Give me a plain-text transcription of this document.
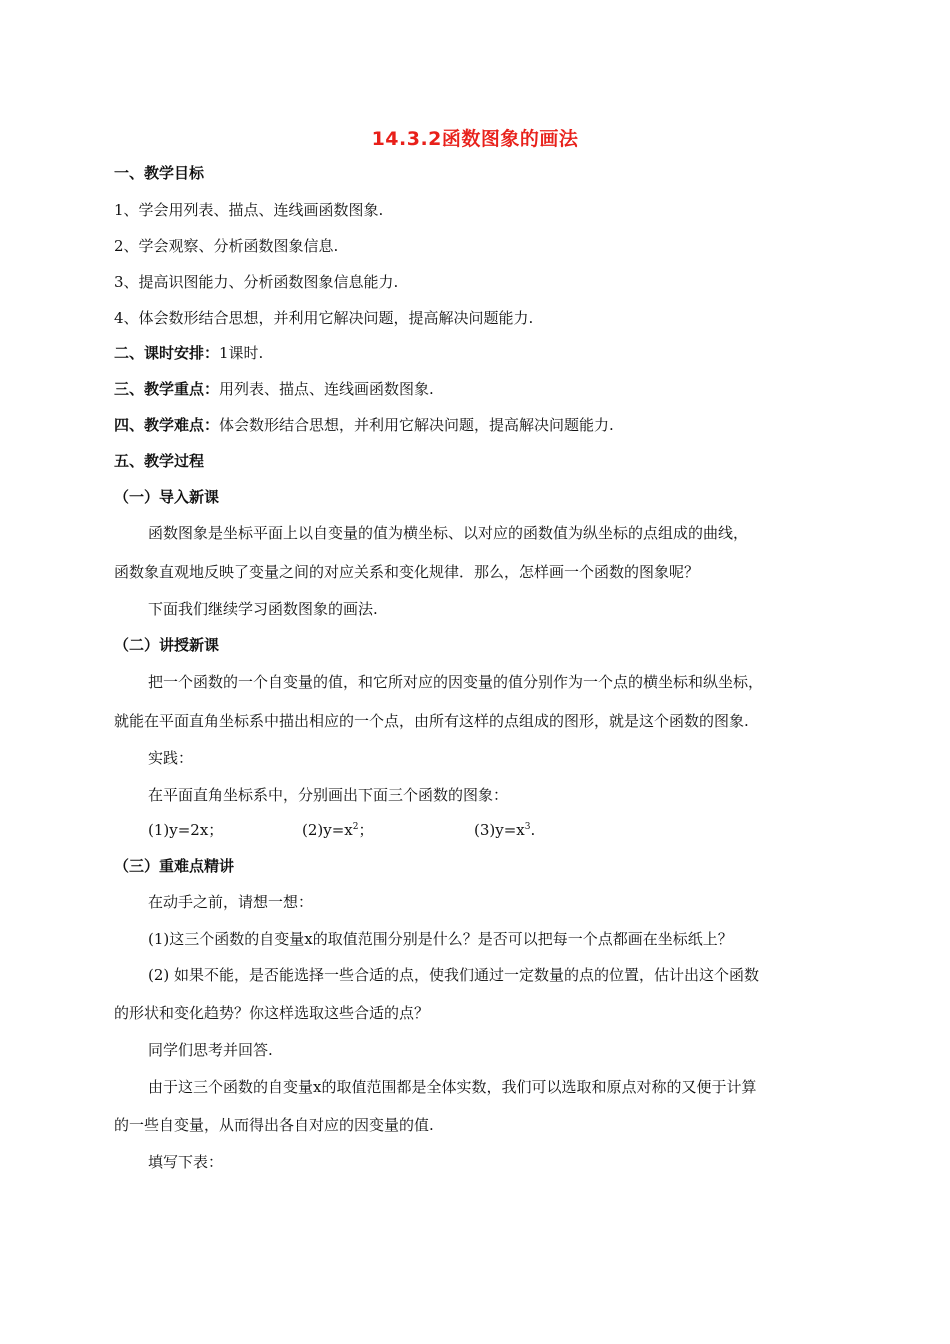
14.3.2函数图象的画法
一、教学目标
1、学会用列表、描点、连线画函数图象.
2、学会观察、分析函数图象信息.
3、提高识图能力、分析函数图象信息能力.
4、体会数形结合思想，并利用它解决问题，提高解决问题能力.
二、课时安排：1课时.
三、教学重点：用列表、描点、连线画函数图象.
四、教学难点：体会数形结合思想，并利用它解决问题，提高解决问题能力.
五、教学过程
（一）导入新课
函数图象是坐标平面上以自变量的值为横坐标、以对应的函数值为纵坐标的点组成的曲线，
函数象直观地反映了变量之间的对应关系和变化规律．那么，怎样画一个函数的图象呢？
下面我们继续学习函数图象的画法.
（二）讲授新课
把一个函数的一个自变量的值，和它所对应的因变量的值分别作为一个点的横坐标和纵坐标，
就能在平面直角坐标系中描出相应的一个点，由所有这样的点组成的图形，就是这个函数的图象.
实践：
在平面直角坐标系中，分别画出下面三个函数的图象：
(1)y=2x；	$(2)y=x^2$；	$(3)y=x^3$.
（三）重难点精讲
在动手之前，请想一想：
(1)这三个函数的自变量x的取值范围分别是什么？是否可以把每一个点都画在坐标纸上？
(2) 如果不能，是否能选择一些合适的点，使我们通过一定数量的点的位置，估计出这个函数
的形状和变化趋势？你这样选取这些合适的点？
同学们思考并回答.
由于这三个函数的自变量x的取值范围都是全体实数，我们可以选取和原点对称的又便于计算
的一些自变量，从而得出各自对应的因变量的值.
填写下表：
